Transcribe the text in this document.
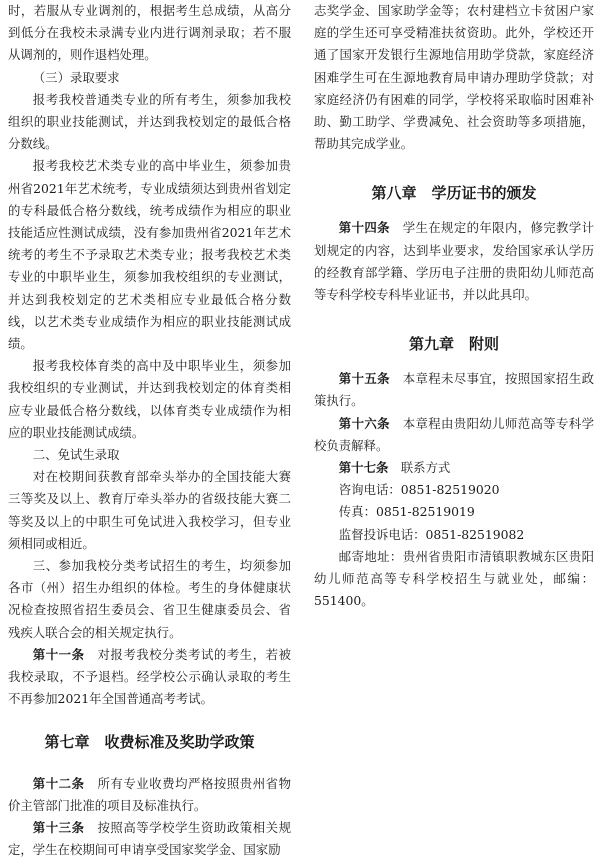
时，若服从专业调剂的，根据考生总成绩，从高分到低分在我校未录满专业内进行调剂录取；若不服从调剂的，则作退档处理。

（三）录取要求

报考我校普通类专业的所有考生，须参加我校组织的职业技能测试，并达到我校划定的最低合格分数线。

报考我校艺术类专业的高中毕业生，须参加贵州省2021年艺术统考，专业成绩须达到贵州省划定的专科最低合格分数线，统考成绩作为相应的职业技能适应性测试成绩，没有参加贵州省2021年艺术统考的考生不予录取艺术类专业；报考我校艺术类专业的中职毕业生，须参加我校组织的专业测试，并达到我校划定的艺术类相应专业最低合格分数线，以艺术类专业成绩作为相应的职业技能测试成绩。

报考我校体育类的高中及中职毕业生，须参加我校组织的专业测试，并达到我校划定的体育类相应专业最低合格分数线，以体育类专业成绩作为相应的职业技能测试成绩。

二、免试生录取

对在校期间获教育部牵头举办的全国技能大赛三等奖及以上、教育厅牵头举办的省级技能大赛二等奖及以上的中职生可免试进入我校学习，但专业须相同或相近。

三、参加我校分类考试招生的考生，均须参加各市（州）招生办组织的体检。考生的身体健康状况检查按照省招生委员会、省卫生健康委员会、省残疾人联合会的相关规定执行。

第十一条　 对报考我校分类考试的考生，若被我校录取，不予退档。经学校公示确认录取的考生不再参加2021年全国普通高考考试。

第七章　收费标准及奖助学政策

第十二条　 所有专业收费均严格按照贵州省物价主管部门批准的项目及标准执行。

第十三条　 按照高等学校学生资助政策相关规定，学生在校期间可申请享受国家奖学金、国家励

志奖学金、国家助学金等；农村建档立卡贫困户家庭的学生还可享受精准扶贫资助。此外，学校还开通了国家开发银行生源地信用助学贷款，家庭经济困难学生可在生源地教育局申请办理助学贷款；对家庭经济仍有困难的同学，学校将采取临时困难补助、勤工助学、学费减免、社会资助等多项措施，帮助其完成学业。

第八章　学历证书的颁发

第十四条　 学生在规定的年限内，修完教学计划规定的内容，达到毕业要求，发给国家承认学历的经教育部学籍、学历电子注册的贵阳幼儿师范高等专科学校专科毕业证书，并以此具印。

第九章　附则

第十五条　 本章程未尽事宜，按照国家招生政策执行。

第十六条　 本章程由贵阳幼儿师范高等专科学校负责解释。

第十七条　 联系方式

咨询电话：0851-82519020

传真：0851-82519019

监督投诉电话：0851-82519082

邮寄地址：贵州省贵阳市清镇职教城东区贵阳幼儿师范高等专科学校招生与就业处，邮编：551400。
